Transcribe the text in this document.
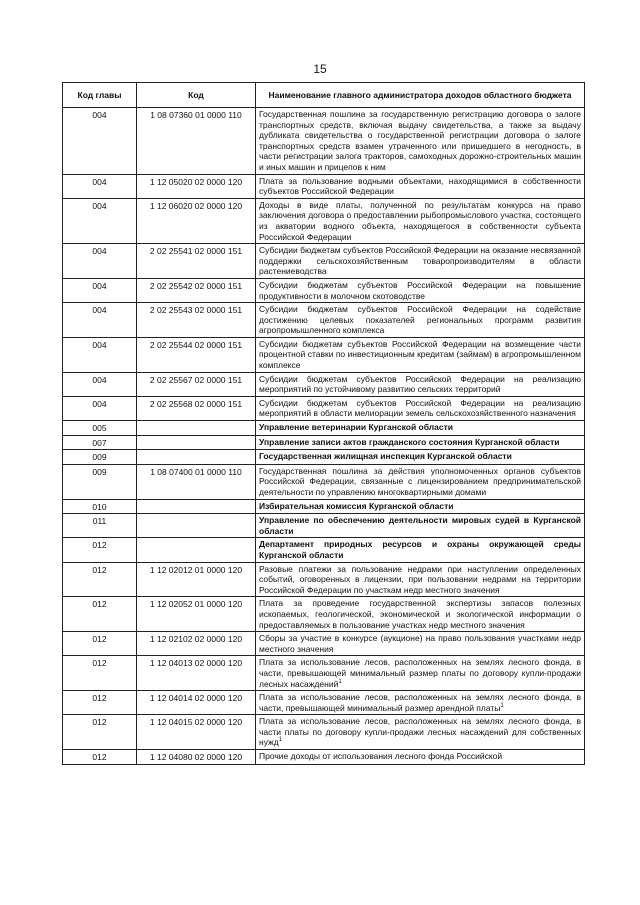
15
Код главы	Код	Наименование главного администратора доходов областного бюджета
004	1 08 07360 01 0000 110	Государственная пошлина за государственную регистрацию договора о залоге транспортных средств, включая выдачу свидетельства, а также за выдачу дубликата свидетельства о государственной регистрации договора о залоге транспортных средств взамен утраченного или пришедшего в негодность, в части регистрации залога тракторов, самоходных дорожно-строительных машин и иных машин и прицепов к ним
004	1 12 05020 02 0000 120	Плата за пользование водными объектами, находящимися в собственности субъектов Российской Федерации
004	1 12 06020 02 0000 120	Доходы в виде платы, полученной по результатам конкурса на право заключения договора о предоставлении рыбопромыслового участка, состоящего из акватории водного объекта, находящегося в собственности субъекта Российской Федерации
004	2 02 25541 02 0000 151	Субсидии бюджетам субъектов Российской Федерации на оказание несвязанной поддержки сельскохозяйственным товаропроизводителям в области растениеводства
004	2 02 25542 02 0000 151	Субсидии бюджетам субъектов Российской Федерации на повышение продуктивности в молочном скотоводстве
004	2 02 25543 02 0000 151	Субсидии бюджетам субъектов Российской Федерации на содействие достижению целевых показателей региональных программ развития агропромышленного комплекса
004	2 02 25544 02 0000 151	Субсидии бюджетам субъектов Российской Федерации на возмещение части процентной ставки по инвестиционным кредитам (займам) в агропромышленном комплексе
004	2 02 25567 02 0000 151	Субсидии бюджетам субъектов Российской Федерации на реализацию мероприятий по устойчивому развитию сельских территорий
004	2 02 25568 02 0000 151	Субсидии бюджетам субъектов Российской Федерации на реализацию мероприятий в области мелиорации земель сельскохозяйственного назначения
005		Управление ветеринарии Курганской области
007		Управление записи актов гражданского состояния Курганской области
009		Государственная жилищная инспекция Курганской области
009	1 08 07400 01 0000 110	Государственная пошлина за действия уполномоченных органов субъектов Российской Федерации, связанные с лицензированием предпринимательской деятельности по управлению многоквартирными домами
010		Избирательная комиссия Курганской области
011		Управление по обеспечению деятельности мировых судей в Курганской области
012		Департамент природных ресурсов и охраны окружающей среды Курганской области
012	1 12 02012 01 0000 120	Разовые платежи за пользование недрами при наступлении определенных событий, оговоренных в лицензии, при пользовании недрами на территории Российской Федерации по участкам недр местного значения
012	1 12 02052 01 0000 120	Плата за проведение государственной экспертизы запасов полезных ископаемых, геологической, экономической и экологической информации о предоставляемых в пользование участках недр местного значения
012	1 12 02102 02 0000 120	Сборы за участие в конкурсе (аукционе) на право пользования участками недр местного значения
012	1 12 04013 02 0000 120	Плата за использование лесов, расположенных на землях лесного фонда, в части, превышающей минимальный размер платы по договору купли-продажи лесных насаждений$^1$
012	1 12 04014 02 0000 120	Плата за использование лесов, расположенных на землях лесного фонда, в части, превышающей минимальный размер арендной платы$^1$
012	1 12 04015 02 0000 120	Плата за использование лесов, расположенных на землях лесного фонда, в части платы по договору купли-продажи лесных насаждений для собственных нужд$^1$
012	1 12 04080 02 0000 120	Прочие доходы от использования лесного фонда Российской
